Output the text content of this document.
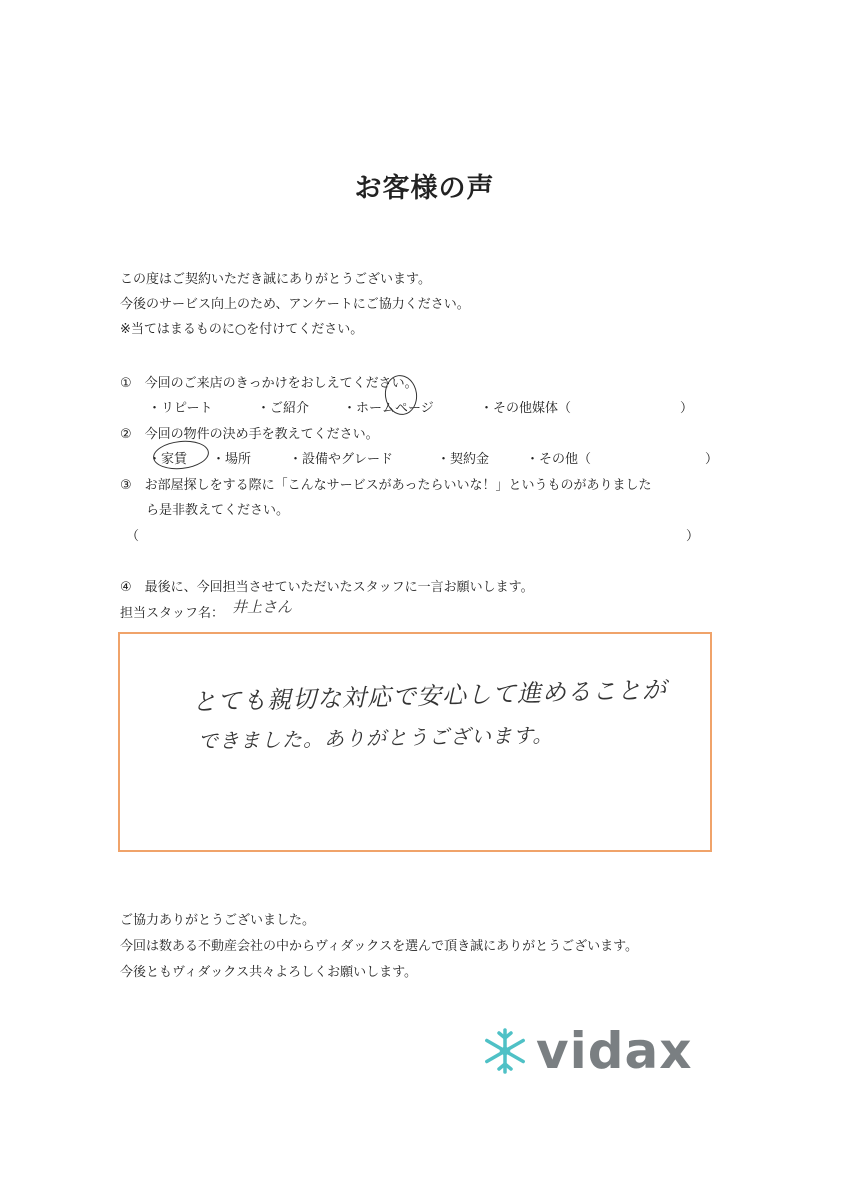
お客様の声
この度はご契約いただき誠にありがとうございます。
今後のサービス向上のため、アンケートにご協力ください。
※当てはまるものに○を付けてください。
①　今回のご来店のきっかけをおしえてください。
・リピート	・ご紹介	・ホームページ	・その他媒体（	）
②　今回の物件の決め手を教えてください。
・家賃 ・場所	・設備やグレード	・契約金	・その他（	）
③　お部屋探しをする際に「こんなサービスがあったらいいな！」というものがありました
ら是非教えてください。
（	）
④　最後に、今回担当させていただいたスタッフに一言お願いします。
担当スタッフ名： 井上さん
とても親切な対応で安心して進めることが
できました。ありがとうございます。
ご協力ありがとうございました。
今回は数ある不動産会社の中からヴィダックスを選んで頂き誠にありがとうございます。
今後ともヴィダックス共々よろしくお願いします。
vidax
